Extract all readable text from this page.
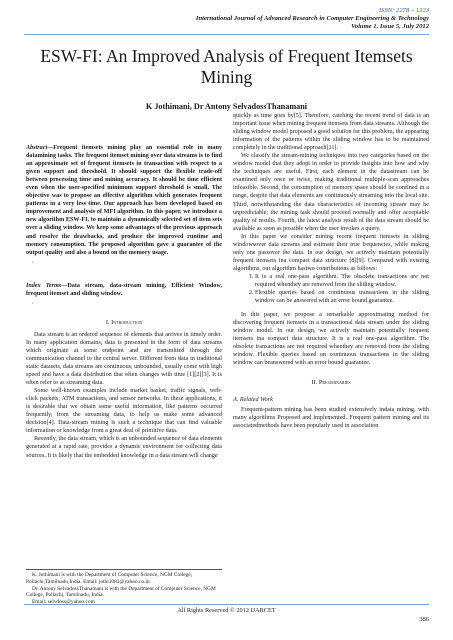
ISSN: 2278 – 1323
International Journal of Advanced Research in Computer Engineering & Technology
Volume 1, Issue 5, July 2012
ESW-FI: An Improved Analysis of Frequent Itemsets Mining
K Jothimani, Dr Antony SelvadossThanamani

Abstract—Frequent itemsets mining play an essential role in many datamining tasks. The frequent itemset mining over data streams is to find an approximate set of frequent itemsets in transaction with respect to a given support and threshold. It should support the flexible trade-off between processing time and mining accuracy. It should be time efficient even when the user-specified minimum support threshold is small. The objective was to propose an effective algorithm which generates frequent patterns in a very less time. Our approach has been developed based on improvement and analysis of MFI algorithm. In this paper, we introduce a new algorithm ESW-FI, to maintain a dynamically selected set of item sets over a sliding window. We keep some advantages of the previous approach and resolve the drawbacks, and produce the improved runtime and memory consumption. The proposed algorithm gave a guarantee of the output quality and also a bound on the memory usage.

,

Index Terms—Data stream, data-stream mining, Efficient Window, frequent itemset and sliding window.

,

I. Introduction

Data stream is an ordered sequence of elements that arrives in timely order. In many application domains, data is presented in the form of data streams which originate at some endpoint and are transmitted through the communication channel to the central server. Different from data in traditional static datasets, data streams are continuous, unbounded, usually come with high speed and have a data distribution that often changes with time [1][2][3]. It is often refer to as streaming data.

Some well-known examples include market basket, traffic signals, web-click packets, ATM transactions, and sensor networks. In these applications, it is desirable that we obtain some useful information, like patterns occurred frequently, from the streaming data, to help us make some advanced decision[4]. Data-stream mining is such a technique that can find valuable information or knowledge from a great deal of primitive data.

Recently, the data stream, which is an unbounded sequence of data elements generated at a rapid rate, provides a dynamic environment for collecting data sources. It is likely that the embedded knowledge in a data stream will change

K. Jothimani is with the Department of Computer Science, NGM College, Pollachi,Tamilnadu,India. Email: jothi1083@yahoo.co.in

Dr. Antony SelvadossThanamani is with the Department of Computer Science, NGM College, Pollachi, Tamilnadu, India.

Email: selvdoss@yahoo.com

quickly as time goes by[5]. Therefore, catching the recent trend of data is an important issue when mining frequent itemsets from data streams. Although the sliding window model proposed a good solution for this problem, the appearing information of the patterns within the sliding window has to be maintained completely in the traditional approach[11].

We classify the stream-mining techniques into two categories based on the window model that they adopt in order to provide insights into how and why the techniques are useful. First, each element in the datastream can be examined only once or twice, making traditional multiple-scan approaches infeasible. Second, the consumption of memory space should be confined in a range, despite that data elements are continuously streaming into the local site. Third, notwithstanding the data characteristics of incoming stream may be unpredictable; the mining task should proceed normally and offer acceptable quality of results. Fourth, the latest analysis result of the data stream should be available as soon as possible when the user invokes a query.

In this paper we consider mining recent frequent itemsets in sliding windowsover data streams and estimate their true frequencies, while making only one passover the data. In our design, we actively maintain potentially frequent itemsets ina compact data structure [8][9]. Compared with existing algorithms, our algorithm hastwo contributions as follows:

1. It is a real one-pass algorithm. The obsolete transactions are not required whenthey are removed from the sliding window.
2. Flexible queries based on continuous transactions in the sliding window can be answered with an error bound guarantee.

In this paper, we propose a remarkable approximating method for discovering frequent itemsets in a transactional data stream under the sliding window model. In our design, we actively maintain potentially frequent itemsets ina compact data structure. It is a real one-pass algorithm. The obsolete transactions are not required whenthey are removed from the sliding window. Flexible queries based on continuous transactions in the sliding window can beanswered with an error bound guarantee.

II. Preliminaries

A. Related Work

Frequent-pattern mining has been studied extensively indata mining, with many algorithms Proposed and implemented. Frequent pattern mining and its associatedmethods have been popularly used in association

All Rights Reserved © 2012 IJARCET
386
